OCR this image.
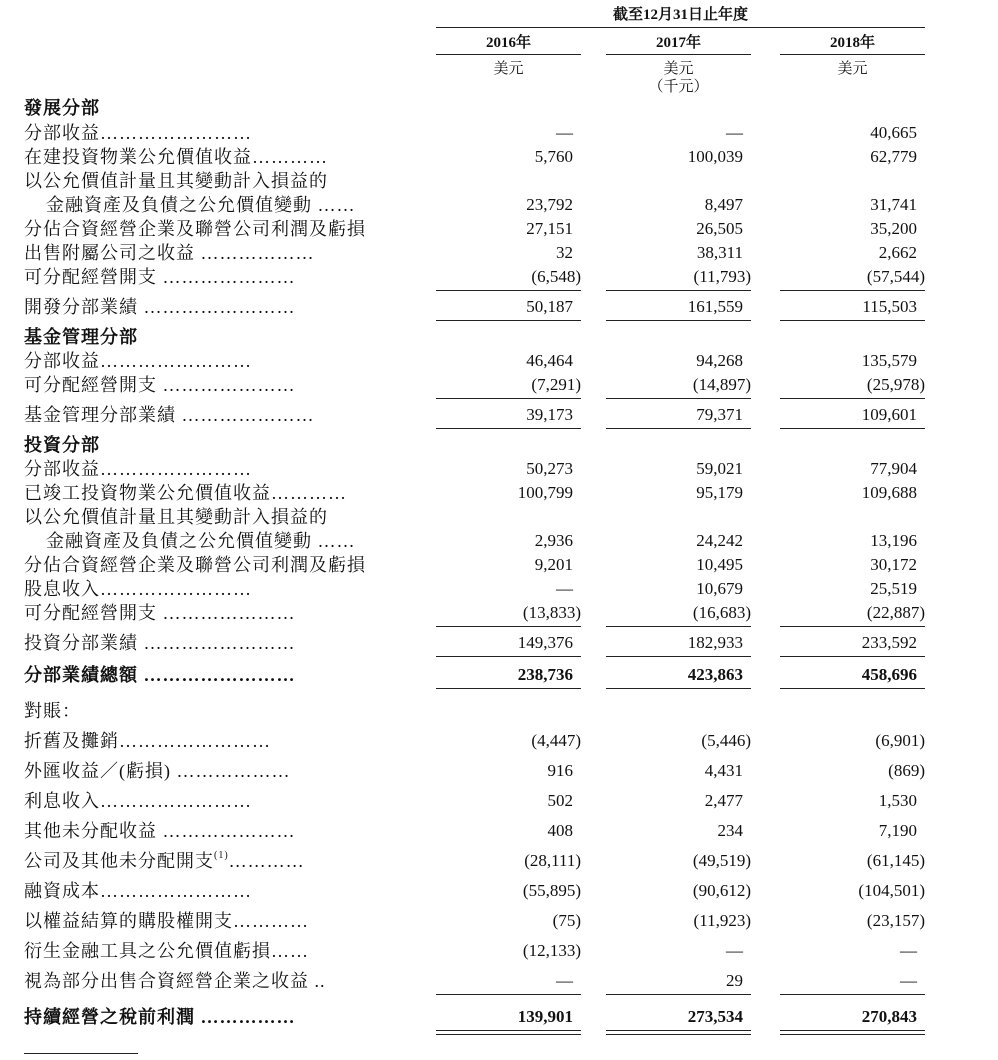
截至12月31日止年度
2016年	2017年	2018年
美元	美元	美元
（千元）
發展分部
分部收益……………………	—	—	40,665
在建投資物業公允價值收益…………	5,760	100,039	62,779
以公允價值計量且其變動計入損益的
金融資產及負債之公允價值變動 ……	23,792	8,497	31,741
分佔合資經營企業及聯營公司利潤及虧損	27,151	26,505	35,200
出售附屬公司之收益 ………………	32	38,311	2,662
可分配經營開支 …………………	(6,548)	(11,793)	(57,544)
開發分部業績 ……………………	50,187	161,559	115,503
基金管理分部
分部收益……………………	46,464	94,268	135,579
可分配經營開支 …………………	(7,291)	(14,897)	(25,978)
基金管理分部業績 …………………	39,173	79,371	109,601
投資分部
分部收益……………………	50,273	59,021	77,904
已竣工投資物業公允價值收益…………	100,799	95,179	109,688
以公允價值計量且其變動計入損益的
金融資產及負債之公允價值變動 ……	2,936	24,242	13,196
分佔合資經營企業及聯營公司利潤及虧損	9,201	10,495	30,172
股息收入……………………	—	10,679	25,519
可分配經營開支 …………………	(13,833)	(16,683)	(22,887)
投資分部業績 ……………………	149,376	182,933	233,592
分部業績總額 ……………………	238,736	423,863	458,696
對賬：
折舊及攤銷……………………	(4,447)	(5,446)	(6,901)
外匯收益／(虧損) ………………	916	4,431	(869)
利息收入……………………	502	2,477	1,530
其他未分配收益 …………………	408	234	7,190
公司及其他未分配開支$^{(1)}$…………	(28,111)	(49,519)	(61,145)
融資成本……………………	(55,895)	(90,612)	(104,501)
以權益結算的購股權開支…………	(75)	(11,923)	(23,157)
衍生金融工具之公允價值虧損……	(12,133)	—	—
視為部分出售合資經營企業之收益 ..	—	29	—
持續經營之稅前利潤 ……………	139,901	273,534	270,843
